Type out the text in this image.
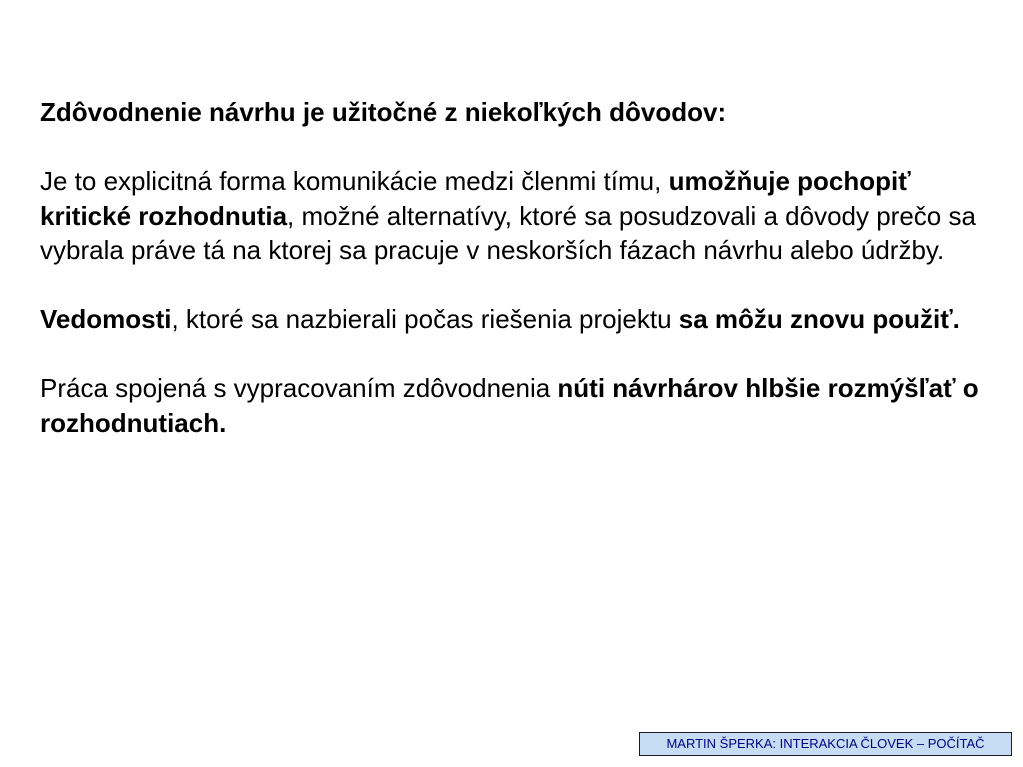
Zdôvodnenie návrhu je užitočné z niekoľkých dôvodov:

Je to explicitná forma komunikácie medzi členmi tímu, umožňuje pochopiť kritické rozhodnutia, možné alternatívy, ktoré sa posudzovali a dôvody prečo sa vybrala práve tá na ktorej sa pracuje v neskorších fázach návrhu alebo údržby.

Vedomosti, ktoré sa nazbierali počas riešenia projektu sa môžu znovu použiť.

Práca spojená s vypracovaním zdôvodnenia núti návrhárov hlbšie rozmýšľať o rozhodnutiach.

MARTIN ŠPERKA: INTERAKCIA ČLOVEK – POČÍTAČ
